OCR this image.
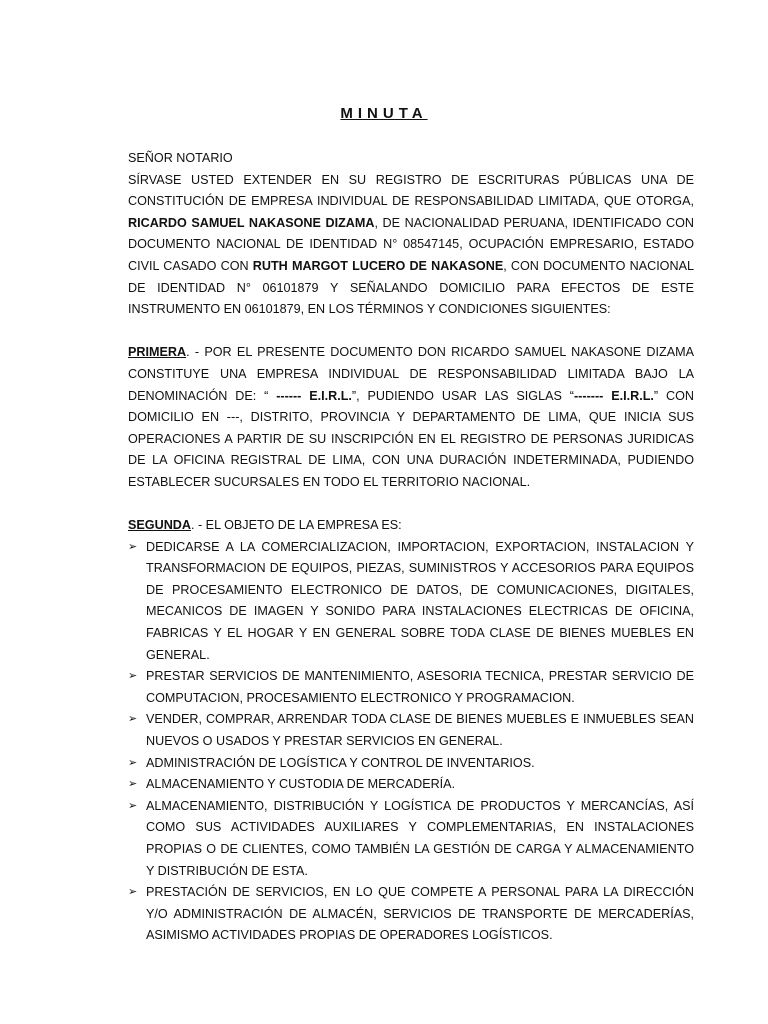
MINUTA
SEÑOR NOTARIO
SÍRVASE USTED EXTENDER EN SU REGISTRO DE ESCRITURAS PÚBLICAS UNA DE CONSTITUCIÓN DE EMPRESA INDIVIDUAL DE RESPONSABILIDAD LIMITADA, QUE OTORGA, RICARDO SAMUEL NAKASONE DIZAMA, DE NACIONALIDAD PERUANA, IDENTIFICADO CON DOCUMENTO NACIONAL DE IDENTIDAD N° 08547145, OCUPACIÓN EMPRESARIO, ESTADO CIVIL CASADO CON RUTH MARGOT LUCERO DE NAKASONE, CON DOCUMENTO NACIONAL DE IDENTIDAD N° 06101879 Y SEÑALANDO DOMICILIO PARA EFECTOS DE ESTE INSTRUMENTO EN 06101879, EN LOS TÉRMINOS Y CONDICIONES SIGUIENTES:
PRIMERA. - POR EL PRESENTE DOCUMENTO DON RICARDO SAMUEL NAKASONE DIZAMA CONSTITUYE UNA EMPRESA INDIVIDUAL DE RESPONSABILIDAD LIMITADA BAJO LA DENOMINACIÓN DE: “ ------ E.I.R.L.”, PUDIENDO USAR LAS SIGLAS “------- E.I.R.L.” CON DOMICILIO EN ---, DISTRITO, PROVINCIA Y DEPARTAMENTO DE LIMA, QUE INICIA SUS OPERACIONES A PARTIR DE SU INSCRIPCIÓN EN EL REGISTRO DE PERSONAS JURIDICAS DE LA OFICINA REGISTRAL DE LIMA, CON UNA DURACIÓN INDETERMINADA, PUDIENDO ESTABLECER SUCURSALES EN TODO EL TERRITORIO NACIONAL.
SEGUNDA. - EL OBJETO DE LA EMPRESA ES:
➢ DEDICARSE A LA COMERCIALIZACION, IMPORTACION, EXPORTACION, INSTALACION Y TRANSFORMACION DE EQUIPOS, PIEZAS, SUMINISTROS Y ACCESORIOS PARA EQUIPOS DE PROCESAMIENTO ELECTRONICO DE DATOS, DE COMUNICACIONES, DIGITALES, MECANICOS DE IMAGEN Y SONIDO PARA INSTALACIONES ELECTRICAS DE OFICINA, FABRICAS Y EL HOGAR Y EN GENERAL SOBRE TODA CLASE DE BIENES MUEBLES EN GENERAL.
➢ PRESTAR SERVICIOS DE MANTENIMIENTO, ASESORIA TECNICA, PRESTAR SERVICIO DE COMPUTACION, PROCESAMIENTO ELECTRONICO Y PROGRAMACION.
➢ VENDER, COMPRAR, ARRENDAR TODA CLASE DE BIENES MUEBLES E INMUEBLES SEAN NUEVOS O USADOS Y PRESTAR SERVICIOS EN GENERAL.
➢ ADMINISTRACIÓN DE LOGÍSTICA Y CONTROL DE INVENTARIOS.
➢ ALMACENAMIENTO Y CUSTODIA DE MERCADERÍA.
➢ ALMACENAMIENTO, DISTRIBUCIÓN Y LOGÍSTICA DE PRODUCTOS Y MERCANCÍAS, ASÍ COMO SUS ACTIVIDADES AUXILIARES Y COMPLEMENTARIAS, EN INSTALACIONES PROPIAS O DE CLIENTES, COMO TAMBIÉN LA GESTIÓN DE CARGA Y ALMACENAMIENTO Y DISTRIBUCIÓN DE ESTA.
➢ PRESTACIÓN DE SERVICIOS, EN LO QUE COMPETE A PERSONAL PARA LA DIRECCIÓN Y/O ADMINISTRACIÓN DE ALMACÉN, SERVICIOS DE TRANSPORTE DE MERCADERÍAS, ASIMISMO ACTIVIDADES PROPIAS DE OPERADORES LOGÍSTICOS.
